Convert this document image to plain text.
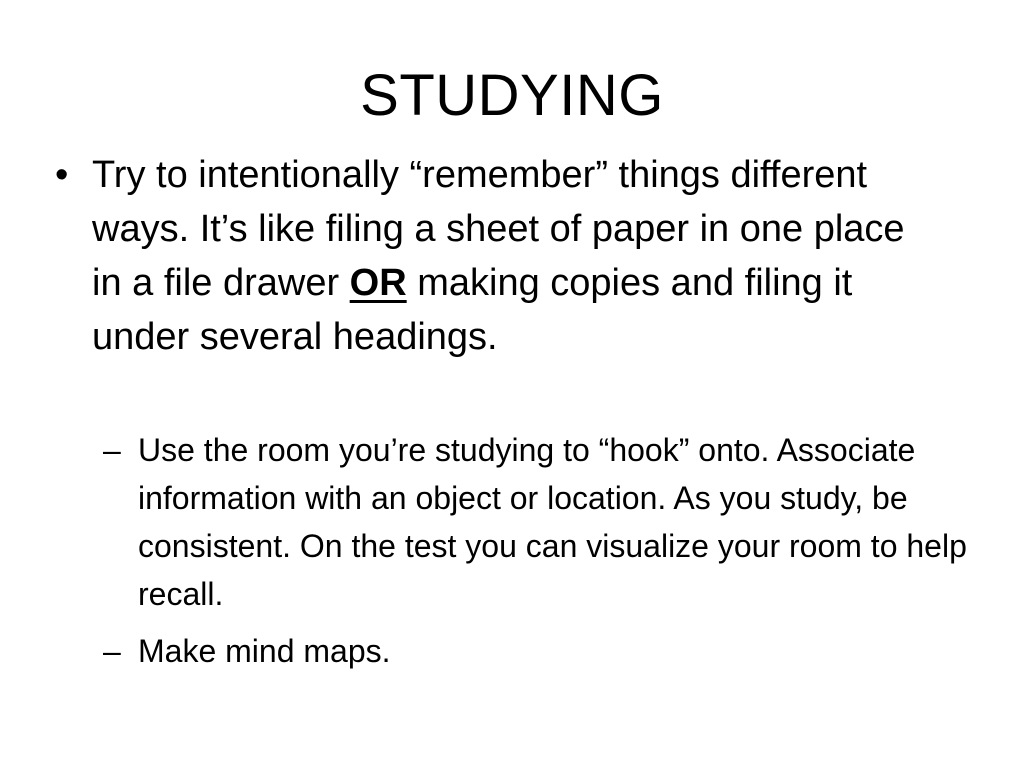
STUDYING
• Try to intentionally “remember” things different ways. It’s like filing a sheet of paper in one place in a file drawer OR making copies and filing it under several headings.
– Use the room you’re studying to “hook” onto. Associate information with an object or location. As you study, be consistent. On the test you can visualize your room to help recall.
– Make mind maps.
